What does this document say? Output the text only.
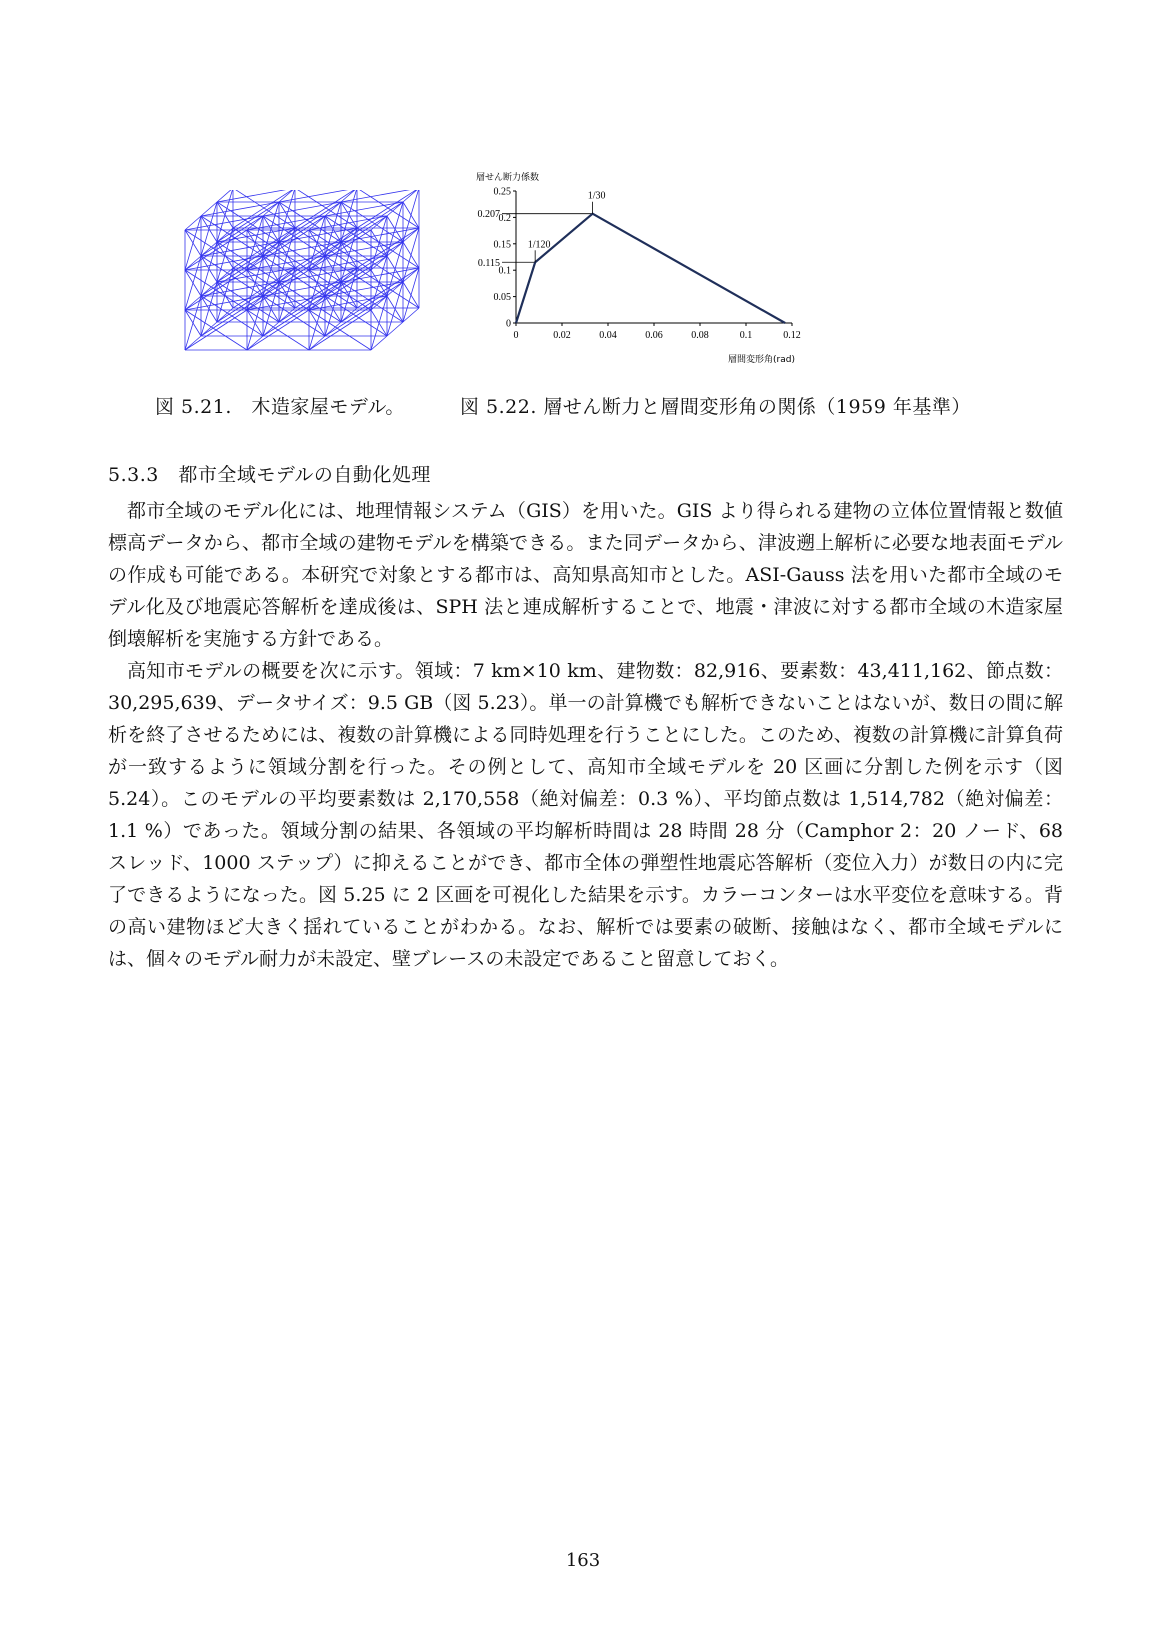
0
0.05
0.1
0.15
0.2
0.25
0	0.02	0.04	0.06	0.08	0.1	0.12
0.115
0.207
1/120
1/30
層せん断力係数
層間変形角(rad)
図 5.21.　木造家屋モデル。	図 5.22. 層せん断力と層間変形角の関係（1959 年基準）
5.3.3　都市全域モデルの自動化処理

都市全域のモデル化には、地理情報システム（GIS）を用いた。GIS より得られる建物の立体位置情報と数値標高データから、都市全域の建物モデルを構築できる。また同データから、津波遡上解析に必要な地表面モデルの作成も可能である。本研究で対象とする都市は、高知県高知市とした。ASI-Gauss 法を用いた都市全域のモデル化及び地震応答解析を達成後は、SPH 法と連成解析することで、地震・津波に対する都市全域の木造家屋倒壊解析を実施する方針である。

高知市モデルの概要を次に示す。領域：7 km×10 km、建物数：82,916、要素数：43,411,162、節点数：30,295,639、データサイズ：9.5 GB（図 5.23）。単一の計算機でも解析できないことはないが、数日の間に解析を終了させるためには、複数の計算機による同時処理を行うことにした。このため、複数の計算機に計算負荷が一致するように領域分割を行った。その例として、高知市全域モデルを 20 区画に分割した例を示す（図 5.24）。このモデルの平均要素数は 2,170,558（絶対偏差：0.3 %）、平均節点数は 1,514,782（絶対偏差：1.1 %）であった。領域分割の結果、各領域の平均解析時間は 28 時間 28 分（Camphor 2：20 ノード、68 スレッド、1000 ステップ）に抑えることができ、都市全体の弾塑性地震応答解析（変位入力）が数日の内に完了できるようになった。図 5.25 に 2 区画を可視化した結果を示す。カラーコンターは水平変位を意味する。背の高い建物ほど大きく揺れていることがわかる。なお、解析では要素の破断、接触はなく、都市全域モデルには、個々のモデル耐力が未設定、壁ブレースの未設定であること留意しておく。

163
